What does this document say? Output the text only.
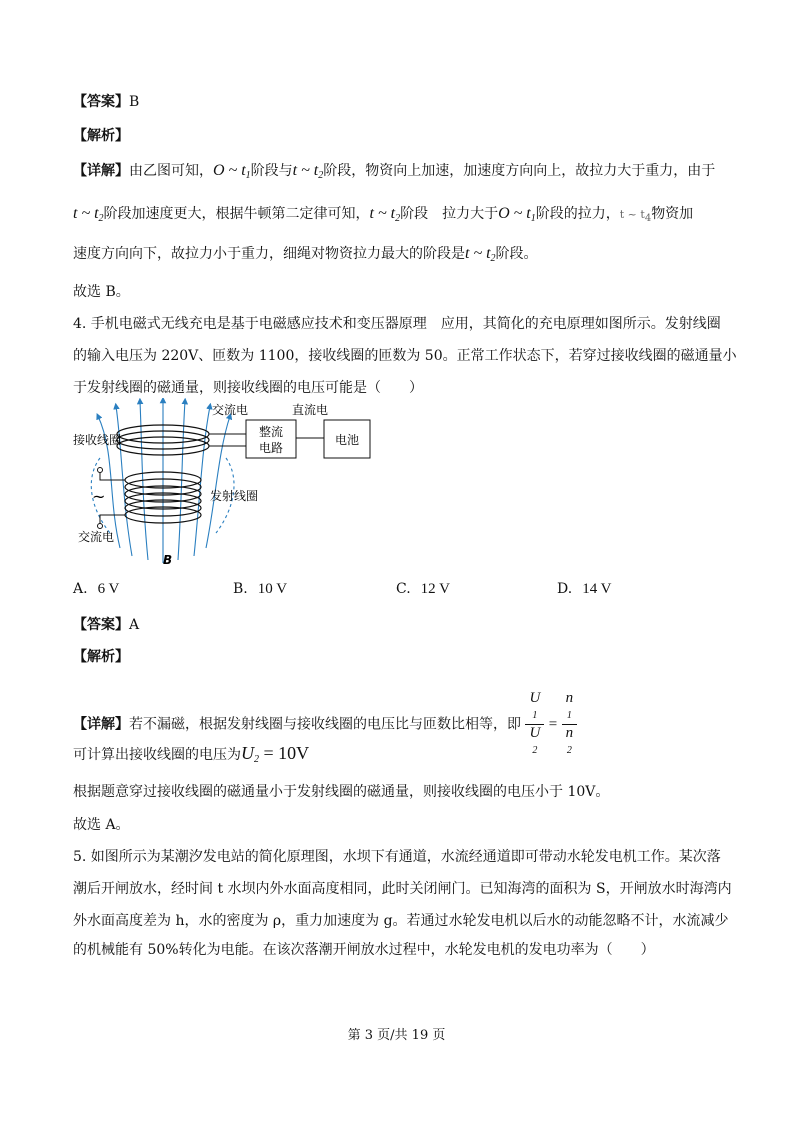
【答案】B
【解析】
【详解】由乙图可知，O ~ $t_1$阶段与t ~ $t_2$阶段，物资向上加速，加速度方向向上，故拉力大于重力，由于
t ~ $t_2$阶段加速度更大，根据牛顿第二定律可知，t ~ $t_2$阶段　拉力大于O ~ $t_1$阶段的拉力，t ~ t4物资加
速度方向向下，故拉力小于重力，细绳对物资拉力最大的阶段是t ~ $t_2$阶段。
故选 B。
4. 手机电磁式无线充电是基于电磁感应技术和变压器原理　应用，其简化的充电原理如图所示。发射线圈
的输入电压为 220V、匝数为 1100，接收线圈的匝数为 50。正常工作状态下，若穿过接收线圈的磁通量小
于发射线圈的磁通量，则接收线圈的电压可能是（　　）
交流电	直流电
整流
电路
电池
接收线圈
发射线圈
~
交流电
B
A. 6 V	B. 10 V	C. 12 V	D. 14 V
【答案】A
【解析】
【详解】若不漏磁，根据发射线圈与接收线圈的电压比与匝数比相等，即 U
1
U
2 = n
1
n
2
可计算出接收线圈的电压为$U_2 = 10V$
根据题意穿过接收线圈的磁通量小于发射线圈的磁通量，则接收线圈的电压小于 10V。
故选 A。
5. 如图所示为某潮汐发电站的简化原理图，水坝下有通道，水流经通道即可带动水轮发电机工作。某次落
潮后开闸放水，经时间 t 水坝内外水面高度相同，此时关闭闸门。已知海湾的面积为 S，开闸放水时海湾内
外水面高度差为 h，水的密度为 ρ，重力加速度为 g。若通过水轮发电机以后水的动能忽略不计，水流减少
的机械能有 50%转化为电能。在该次落潮开闸放水过程中，水轮发电机的发电功率为（　　）
第 3 页/共 19 页
